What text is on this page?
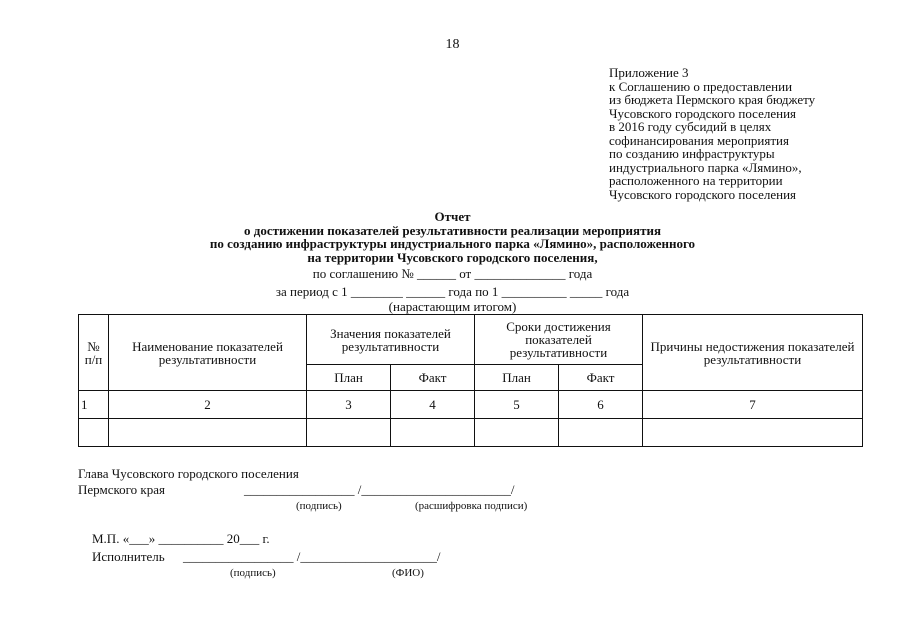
18
Приложение 3
к Соглашению о предоставлении
из бюджета Пермского края бюджету
Чусовского городского поселения
в 2016 году субсидий в целях
софинансирования мероприятия
по созданию инфраструктуры
индустриального парка «Лямино»,
расположенного на территории
Чусовского городского поселения
Отчет
о достижении показателей результативности реализации мероприятия
по созданию инфраструктуры индустриального парка «Лямино», расположенного
на территории Чусовского городского поселения,
по соглашению № ______ от ______________ года
за период с 1 ________ ______ года по 1 __________ _____ года
(нарастающим итогом)
№
п/п	Наименование показателей результативности	Значения показателей результативности		Сроки достижения показателей результативности		Причины недостижения показателей результативности
		План	Факт	План	Факт	
1	2	3	4	5	6	7

Глава Чусовского городского поселения
Пермского края	_________________ /_______________________/
(подпись)	(расшифровка подписи)
М.П. «___» __________ 20___ г.
Исполнитель _________________ /_____________________/
(подпись)	(ФИО)
